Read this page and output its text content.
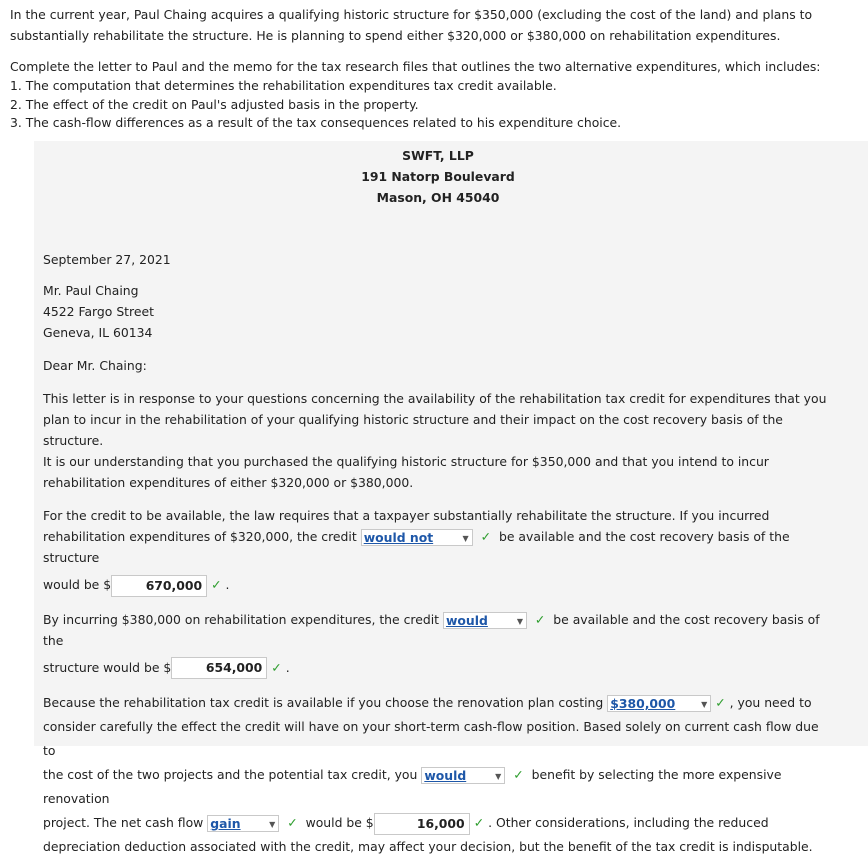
In the current year, Paul Chaing acquires a qualifying historic structure for $350,000 (excluding the cost of the land) and plans to

substantially rehabilitate the structure. He is planning to spend either $320,000 or $380,000 on rehabilitation expenditures.

Complete the letter to Paul and the memo for the tax research files that outlines the two alternative expenditures, which includes:

1. The computation that determines the rehabilitation expenditures tax credit available.
2. The effect of the credit on Paul's adjusted basis in the property.
3. The cash-flow differences as a result of the tax consequences related to his expenditure choice.
SWFT, LLP
191 Natorp Boulevard
Mason, OH 45040
September 27, 2021
Mr. Paul Chaing
4522 Fargo Street
Geneva, IL 60134
Dear Mr. Chaing:
This letter is in response to your questions concerning the availability of the rehabilitation tax credit for expenditures that you
plan to incur in the rehabilitation of your qualifying historic structure and their impact on the cost recovery basis of the structure.
It is our understanding that you purchased the qualifying historic structure for $350,000 and that you intend to incur
rehabilitation expenditures of either $320,000 or $380,000.
For the credit to be available, the law requires that a taxpayer substantially rehabilitate the structure. If you incurred
rehabilitation expenditures of $320,000, the credit would not	▼ ✓ be available and the cost recovery basis of the structure
would be $	670,000 ✓ .
By incurring $380,000 on rehabilitation expenditures, the credit would	▼ ✓ be available and the cost recovery basis of the
structure would be $	654,000 ✓ .
Because the rehabilitation tax credit is available if you choose the renovation plan costing $380,000	▼ ✓ , you need to
consider carefully the effect the credit will have on your short-term cash-flow position. Based solely on current cash flow due to
the cost of the two projects and the potential tax credit, you would	▼ ✓ benefit by selecting the more expensive renovation
project. The net cash flow gain	▼ ✓ would be $	16,000 ✓ . Other considerations, including the reduced
depreciation deduction associated with the credit, may affect your decision, but the benefit of the tax credit is indisputable.
